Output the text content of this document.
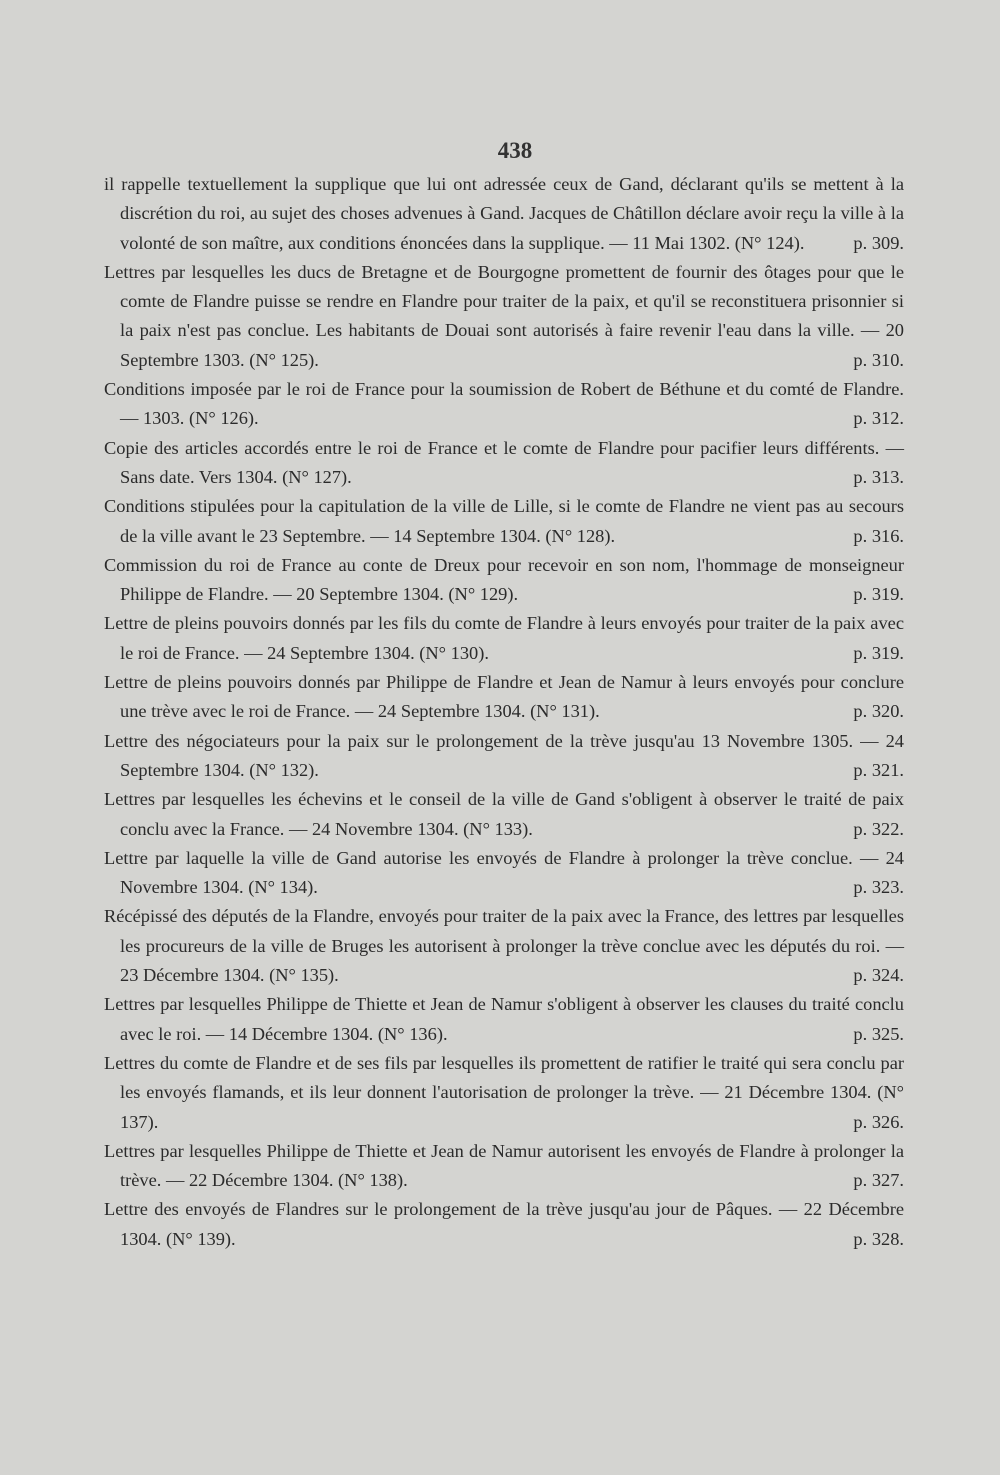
438

il rappelle textuellement la supplique que lui ont adressée ceux de Gand, déclarant qu'ils se mettent à la discrétion du roi, au sujet des choses advenues à Gand. Jacques de Châtillon déclare avoir reçu la ville à la volonté de son maître, aux conditions énoncées dans la supplique. — 11 Mai 1302. (N° 124).	p. 309.

Lettres par lesquelles les ducs de Bretagne et de Bourgogne promettent de fournir des ôtages pour que le comte de Flandre puisse se rendre en Flandre pour traiter de la paix, et qu'il se reconstituera prisonnier si la paix n'est pas conclue. Les habitants de Douai sont autorisés à faire revenir l'eau dans la ville. — 20 Septembre 1303. (N° 125).	p. 310.

Conditions imposée par le roi de France pour la soumission de Robert de Béthune et du comté de Flandre. — 1303. (N° 126).	p. 312.

Copie des articles accordés entre le roi de France et le comte de Flandre pour pacifier leurs différents. — Sans date. Vers 1304. (N° 127).	p. 313.

Conditions stipulées pour la capitulation de la ville de Lille, si le comte de Flandre ne vient pas au secours de la ville avant le 23 Septembre. — 14 Septembre 1304. (N° 128).	p. 316.

Commission du roi de France au conte de Dreux pour recevoir en son nom, l'hommage de monseigneur Philippe de Flandre. — 20 Septembre 1304. (N° 129).	p. 319.

Lettre de pleins pouvoirs donnés par les fils du comte de Flandre à leurs envoyés pour traiter de la paix avec le roi de France. — 24 Septembre 1304. (N° 130).	p. 319.

Lettre de pleins pouvoirs donnés par Philippe de Flandre et Jean de Namur à leurs envoyés pour conclure une trève avec le roi de France. — 24 Septembre 1304. (N° 131).	p. 320.

Lettre des négociateurs pour la paix sur le prolongement de la trève jusqu'au 13 Novembre 1305. — 24 Septembre 1304. (N° 132).	p. 321.

Lettres par lesquelles les échevins et le conseil de la ville de Gand s'obligent à observer le traité de paix conclu avec la France. — 24 Novembre 1304. (N° 133).	p. 322.

Lettre par laquelle la ville de Gand autorise les envoyés de Flandre à prolonger la trève conclue. — 24 Novembre 1304. (N° 134).	p. 323.

Récépissé des députés de la Flandre, envoyés pour traiter de la paix avec la France, des lettres par lesquelles les procureurs de la ville de Bruges les autorisent à prolonger la trève conclue avec les députés du roi. — 23 Décembre 1304. (N° 135).	p. 324.

Lettres par lesquelles Philippe de Thiette et Jean de Namur s'obligent à observer les clauses du traité conclu avec le roi. — 14 Décembre 1304. (N° 136).	p. 325.

Lettres du comte de Flandre et de ses fils par lesquelles ils promettent de ratifier le traité qui sera conclu par les envoyés flamands, et ils leur donnent l'autorisation de prolonger la trève. — 21 Décembre 1304. (N° 137).	p. 326.

Lettres par lesquelles Philippe de Thiette et Jean de Namur autorisent les envoyés de Flandre à prolonger la trève. — 22 Décembre 1304. (N° 138).	p. 327.

Lettre des envoyés de Flandres sur le prolongement de la trève jusqu'au jour de Pâques. — 22 Décembre 1304. (N° 139).	p. 328.
